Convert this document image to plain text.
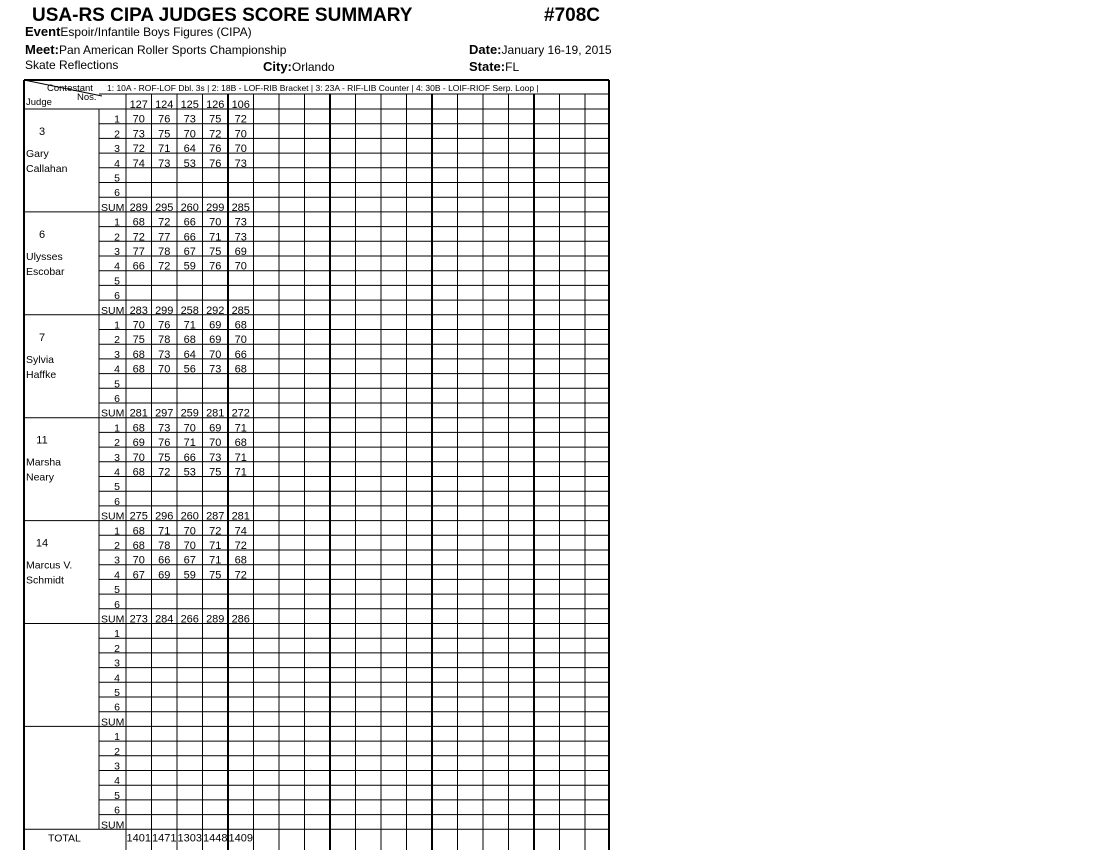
USA-RS CIPA JUDGES SCORE SUMMARY	#708C
EventEspoir/Infantile Boys Figures (CIPA)
Meet:Pan American Roller Sports Championship	Date:January 16-19, 2015
Skate Reflections	City:Orlando	State:FL
1: 10A - ROF-LOF Dbl. 3s | 2: 18B - LOF-RIB Bracket | 3: 23A - RIF-LIB Counter | 4: 30B - LOIF-RIOF Serp. Loop |
Contestant
Nos.
Judge	127 124 125 126 106
3
Gary
Callahan
1 70 76 73 75 72
2 73 75 70 72 70
3 72 71 64 76 70
4 74 73 53 76 73
5
6
SUM 289 295 260 299 285
6
Ulysses
Escobar
1 68 72 66 70 73
2 72 77 66 71 73
3 77 78 67 75 69
4 66 72 59 76 70
5
6
SUM 283 299 258 292 285
7
Sylvia
Haffke
1 70 76 71 69 68
2 75 78 68 69 70
3 68 73 64 70 66
4 68 70 56 73 68
5
6
SUM 281 297 259 281 272
11
Marsha
Neary
1 68 73 70 69 71
2 69 76 71 70 68
3 70 75 66 73 71
4 68 72 53 75 71
5
6
SUM 275 296 260 287 281
14
Marcus V.
Schmidt
1 68 71 70 72 74
2 68 78 70 71 72
3 70 66 67 71 68
4 67 69 59 75 72
5
6
SUM 273 284 266 289 286
1
2
3
4
5
6
SUM
1
2
3
4
5
6
SUM
TOTAL	1401 1471 1303 1448 1409
